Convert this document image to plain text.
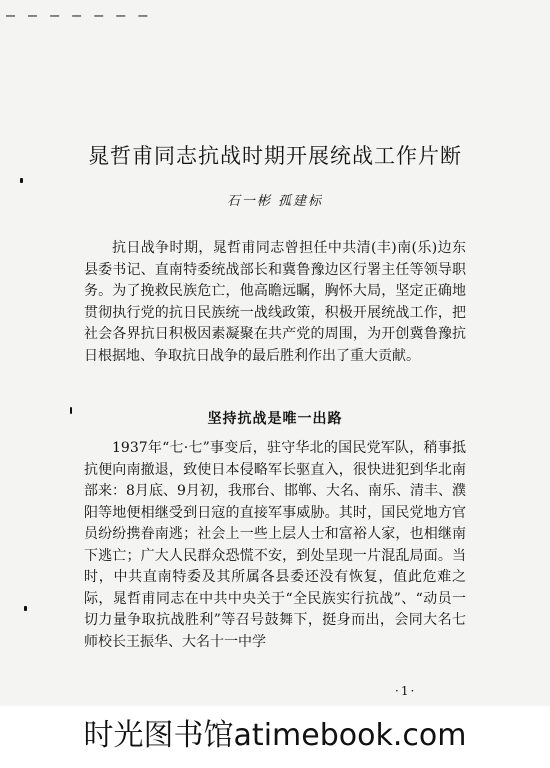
— — — — — — —
晁哲甫同志抗战时期开展统战工作片断
石一彬 孤建标
抗日战争时期，晁哲甫同志曾担任中共清(丰)南(乐)边东县委书记、直南特委统战部长和冀鲁豫边区行署主任等领导职务。为了挽救民族危亡，他高瞻远瞩，胸怀大局，坚定正确地贯彻执行党的抗日民族统一战线政策，积极开展统战工作，把社会各界抗日积极因素凝聚在共产党的周围，为开创冀鲁豫抗日根据地、争取抗日战争的最后胜利作出了重大贡献。
坚持抗战是唯一出路
1937年“七·七”事变后，驻守华北的国民党军队，稍事抵抗便向南撤退，致使日本侵略军长驱直入，很快进犯到华北南部来：8月底、9月初，我邢台、邯郸、大名、南乐、清丰、濮阳等地便相继受到日寇的直接军事威胁。其时，国民党地方官员纷纷携眷南逃；社会上一些上层人士和富裕人家，也相继南下逃亡；广大人民群众恐慌不安，到处呈现一片混乱局面。当时，中共直南特委及其所属各县委还没有恢复，值此危难之际，晁哲甫同志在中共中央关于“全民族实行抗战”、“动员一切力量争取抗战胜利”等召号鼓舞下，挺身而出，会同大名七师校长王振华、大名十一中学
·1·
时光图书馆atimebook.com
